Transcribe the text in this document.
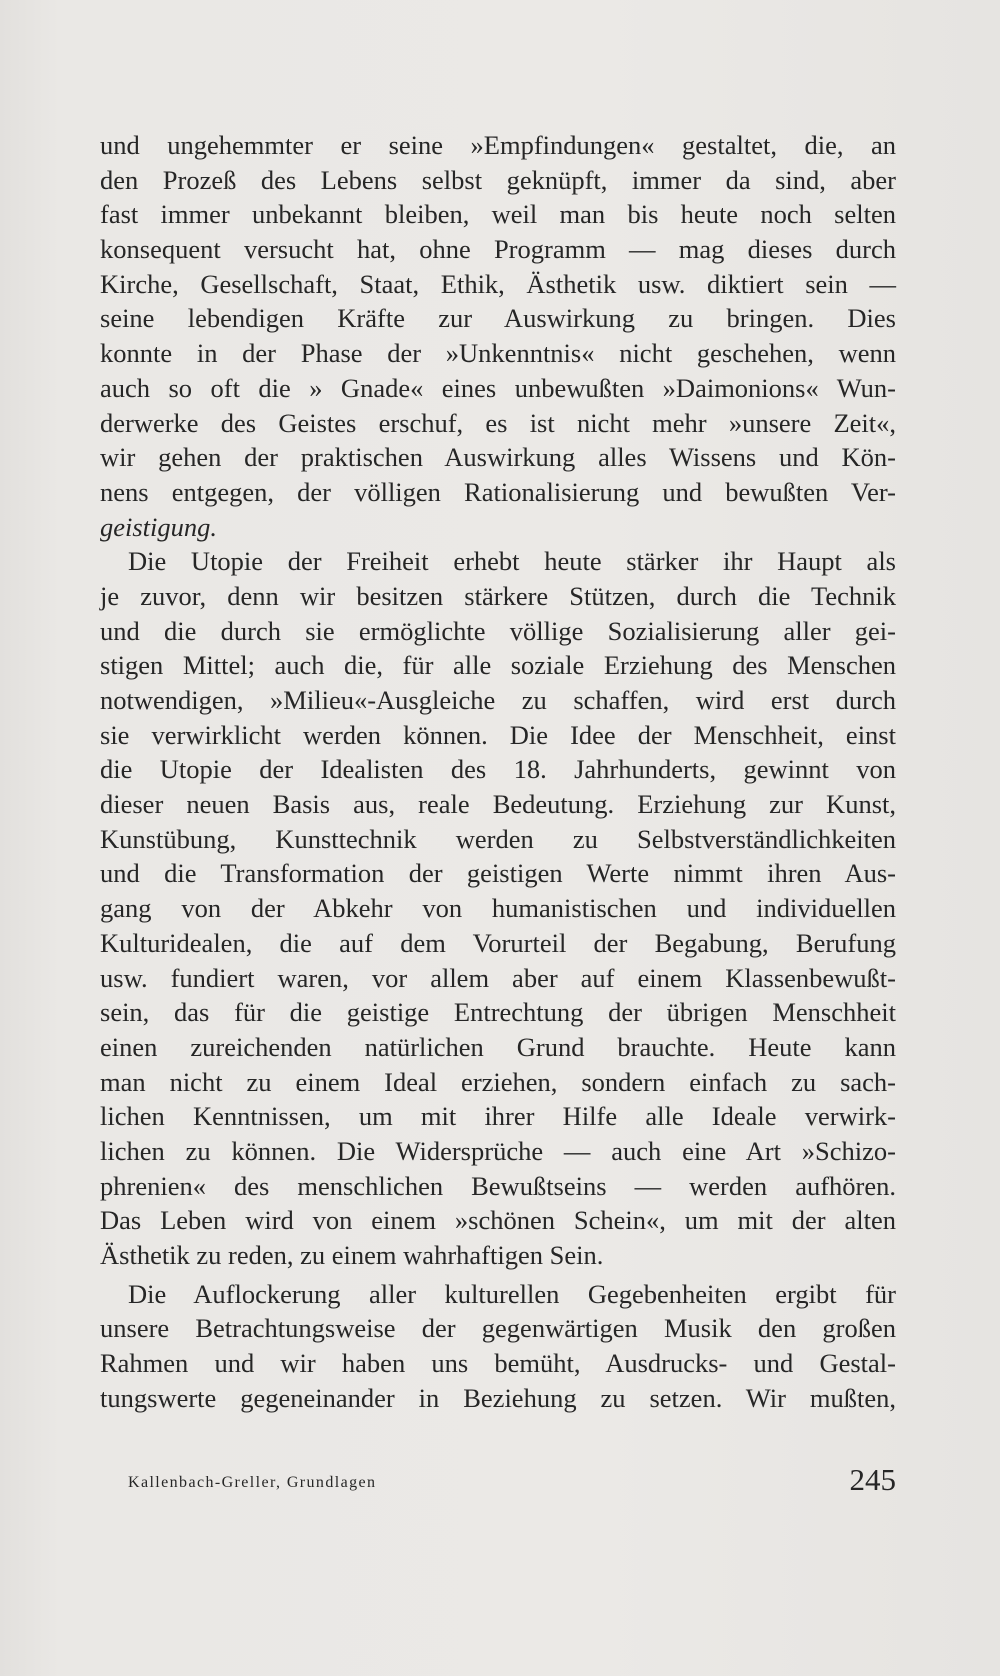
und ungehemmter er seine »Empfindungen« gestaltet, die, an
den Prozeß des Lebens selbst geknüpft, immer da sind, aber
fast immer unbekannt bleiben, weil man bis heute noch selten
konsequent versucht hat, ohne Programm — mag dieses durch
Kirche, Gesellschaft, Staat, Ethik, Ästhetik usw. diktiert sein —
seine lebendigen Kräfte zur Auswirkung zu bringen. Dies
konnte in der Phase der »Unkenntnis« nicht geschehen, wenn
auch so oft die » Gnade« eines unbewußten »Daimonions« Wun-
derwerke des Geistes erschuf, es ist nicht mehr »unsere Zeit«,
wir gehen der praktischen Auswirkung alles Wissens und Kön-
nens entgegen, der völligen Rationalisierung und bewußten Ver-
geistigung.
Die Utopie der Freiheit erhebt heute stärker ihr Haupt als
je zuvor, denn wir besitzen stärkere Stützen, durch die Technik
und die durch sie ermöglichte völlige Sozialisierung aller gei-
stigen Mittel; auch die, für alle soziale Erziehung des Menschen
notwendigen, »Milieu«-Ausgleiche zu schaffen, wird erst durch
sie verwirklicht werden können. Die Idee der Menschheit, einst
die Utopie der Idealisten des 18. Jahrhunderts, gewinnt von
dieser neuen Basis aus, reale Bedeutung. Erziehung zur Kunst,
Kunstübung, Kunsttechnik werden zu Selbstverständlichkeiten
und die Transformation der geistigen Werte nimmt ihren Aus-
gang von der Abkehr von humanistischen und individuellen
Kulturidealen, die auf dem Vorurteil der Begabung, Berufung
usw. fundiert waren, vor allem aber auf einem Klassenbewußt-
sein, das für die geistige Entrechtung der übrigen Menschheit
einen zureichenden natürlichen Grund brauchte. Heute kann
man nicht zu einem Ideal erziehen, sondern einfach zu sach-
lichen Kenntnissen, um mit ihrer Hilfe alle Ideale verwirk-
lichen zu können. Die Widersprüche — auch eine Art »Schizo-
phrenien« des menschlichen Bewußtseins — werden aufhören.
Das Leben wird von einem »schönen Schein«, um mit der alten
Ästhetik zu reden, zu einem wahrhaftigen Sein.
Die Auflockerung aller kulturellen Gegebenheiten ergibt für
unsere Betrachtungsweise der gegenwärtigen Musik den großen
Rahmen und wir haben uns bemüht, Ausdrucks- und Gestal-
tungswerte gegeneinander in Beziehung zu setzen. Wir mußten,
Kallenbach-Greller, Grundlagen	245
